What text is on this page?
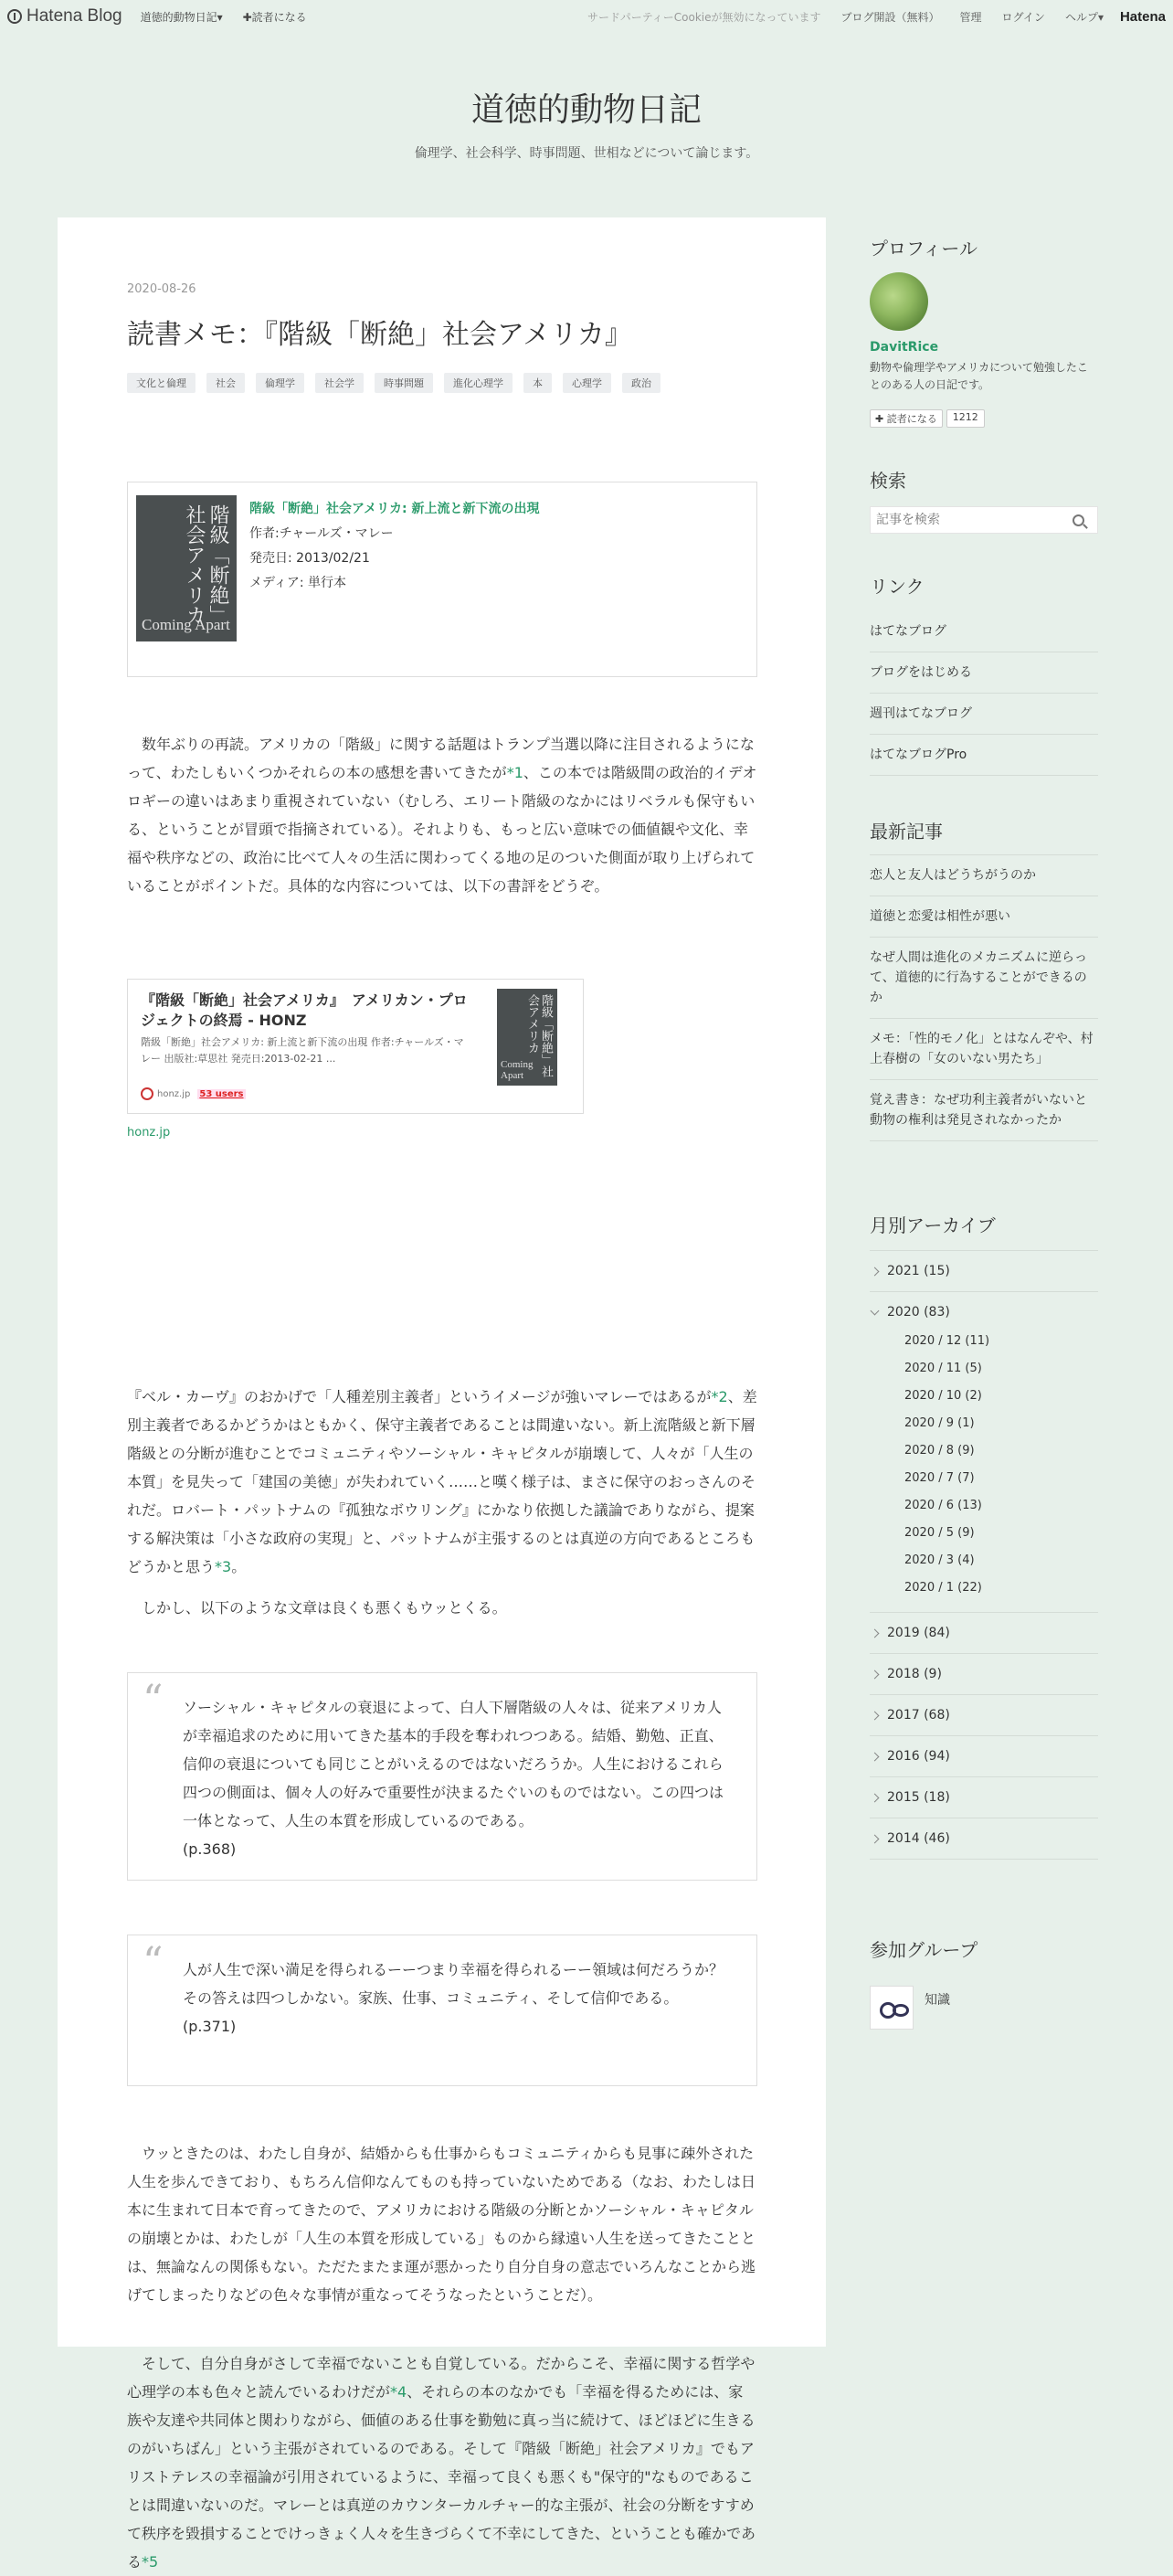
Hatena Blog 道徳的動物日記▾ ✚読者になる	サードパーティーCookieが無効になっています ブログ開設（無料） 管理 ログイン ヘルプ▾ Hatena
道徳的動物日記
倫理学、社会科学、時事問題、世相などについて論じます。
2020-08-26
読書メモ：『階級「断絶」社会アメリカ』
文化と倫理	社会	倫理学	社会学	時事問題	進化心理学	本	心理学	政治
階級「断絶」社会アメリカ
Coming Apart
階級「断絶」社会アメリカ: 新上流と新下流の出現
作者:チャールズ・マレー
発売日: 2013/02/21
メディア: 単行本
　数年ぶりの再読。アメリカの「階級」に関する話題はトランプ当選以降に注目されるようになって、わたしもいくつかそれらの本の感想を書いてきたが*1、この本では階級間の政治的イデオロギーの違いはあまり重視されていない（むしろ、エリート階級のなかにはリベラルも保守もいる、ということが冒頭で指摘されている）。それよりも、もっと広い意味での価値観や文化、幸福や秩序などの、政治に比べて人々の生活に関わってくる地の足のついた側面が取り上げられていることがポイントだ。具体的な内容については、以下の書評をどうぞ。
『階級「断絶」社会アメリカ』　アメリカン・プロジェクトの終焉 - HONZ
階級「断絶」社会アメリカ: 新上流と新下流の出現 作者:チャールズ・マレー 出版社:草思社 発売日:2013-02-21 ...	階級「断絶」社会アメリカ
Coming Apart
honz.jp 53 users
honz.jp
『ベル・カーヴ』のおかげで「人種差別主義者」というイメージが強いマレーではあるが*2、差別主義者であるかどうかはともかく、保守主義者であることは間違いない。新上流階級と新下層階級との分断が進むことでコミュニティやソーシャル・キャピタルが崩壊して、人々が「人生の本質」を見失って「建国の美徳」が失われていく……と嘆く様子は、まさに保守のおっさんのそれだ。ロバート・パットナムの『孤独なボウリング』にかなり依拠した議論でありながら、提案する解決策は「小さな政府の実現」と、パットナムが主張するのとは真逆の方向であるところもどうかと思う*3。
　しかし、以下のような文章は良くも悪くもウッとくる。
“ ソーシャル・キャピタルの衰退によって、白人下層階級の人々は、従来アメリカ人が幸福追求のために用いてきた基本的手段を奪われつつある。結婚、勤勉、正直、信仰の衰退についても同じことがいえるのではないだろうか。人生におけるこれら四つの側面は、個々人の好みで重要性が決まるたぐいのものではない。この四つは一体となって、人生の本質を形成しているのである。
(p.368)
“ 人が人生で深い満足を得られるーーつまり幸福を得られるーー領域は何だろうか？その答えは四つしかない。家族、仕事、コミュニティ、そして信仰である。
(p.371)
　ウッときたのは、わたし自身が、結婚からも仕事からもコミュニティからも見事に疎外された人生を歩んできており、もちろん信仰なんてものも持っていないためである（なお、わたしは日本に生まれて日本で育ってきたので、アメリカにおける階級の分断とかソーシャル・キャピタルの崩壊とかは、わたしが「人生の本質を形成している」ものから縁遠い人生を送ってきたこととは、無論なんの関係もない。ただたまたま運が悪かったり自分自身の意志でいろんなことから逃げてしまったりなどの色々な事情が重なってそうなったということだ）。
　そして、自分自身がさして幸福でないことも自覚している。だからこそ、幸福に関する哲学や心理学の本も色々と読んでいるわけだが*4、それらの本のなかでも「幸福を得るためには、家族や友達や共同体と関わりながら、価値のある仕事を勤勉に真っ当に続けて、ほどほどに生きるのがいちばん」という主張がされているのである。そして『階級「断絶」社会アメリカ』でもアリストテレスの幸福論が引用されているように、幸福って良くも悪くも"保守的"なものであることは間違いないのだ。マレーとは真逆のカウンターカルチャー的な主張が、社会の分断をすすめて秩序を毀損することでけっきょく人々を生きづらくて不幸にしてきた、ということも確かである*5
プロフィール
DavitRice
動物や倫理学やアメリカについて勉強したことのある人の日記です。
✚ 読者になる	1212
検索
記事を検索
リンク
はてなブログ
ブログをはじめる
週刊はてなブログ
はてなブログPro
最新記事
恋人と友人はどうちがうのか
道徳と恋愛は相性が悪い
なぜ人間は進化のメカニズムに逆らって、道徳的に行為することができるのか
メモ：「性的モノ化」とはなんぞや、村上春樹の「女のいない男たち」
覚え書き：なぜ功利主義者がいないと動物の権利は発見されなかったか
月別アーカイブ
2021 (15)
2020 (83)
2020 / 12 (11)
2020 / 11 (5)
2020 / 10 (2)
2020 / 9 (1)
2020 / 8 (9)
2020 / 7 (7)
2020 / 6 (13)
2020 / 5 (9)
2020 / 3 (4)
2020 / 1 (22)
2019 (84)
2018 (9)
2017 (68)
2016 (94)
2015 (18)
2014 (46)
参加グループ
知識
